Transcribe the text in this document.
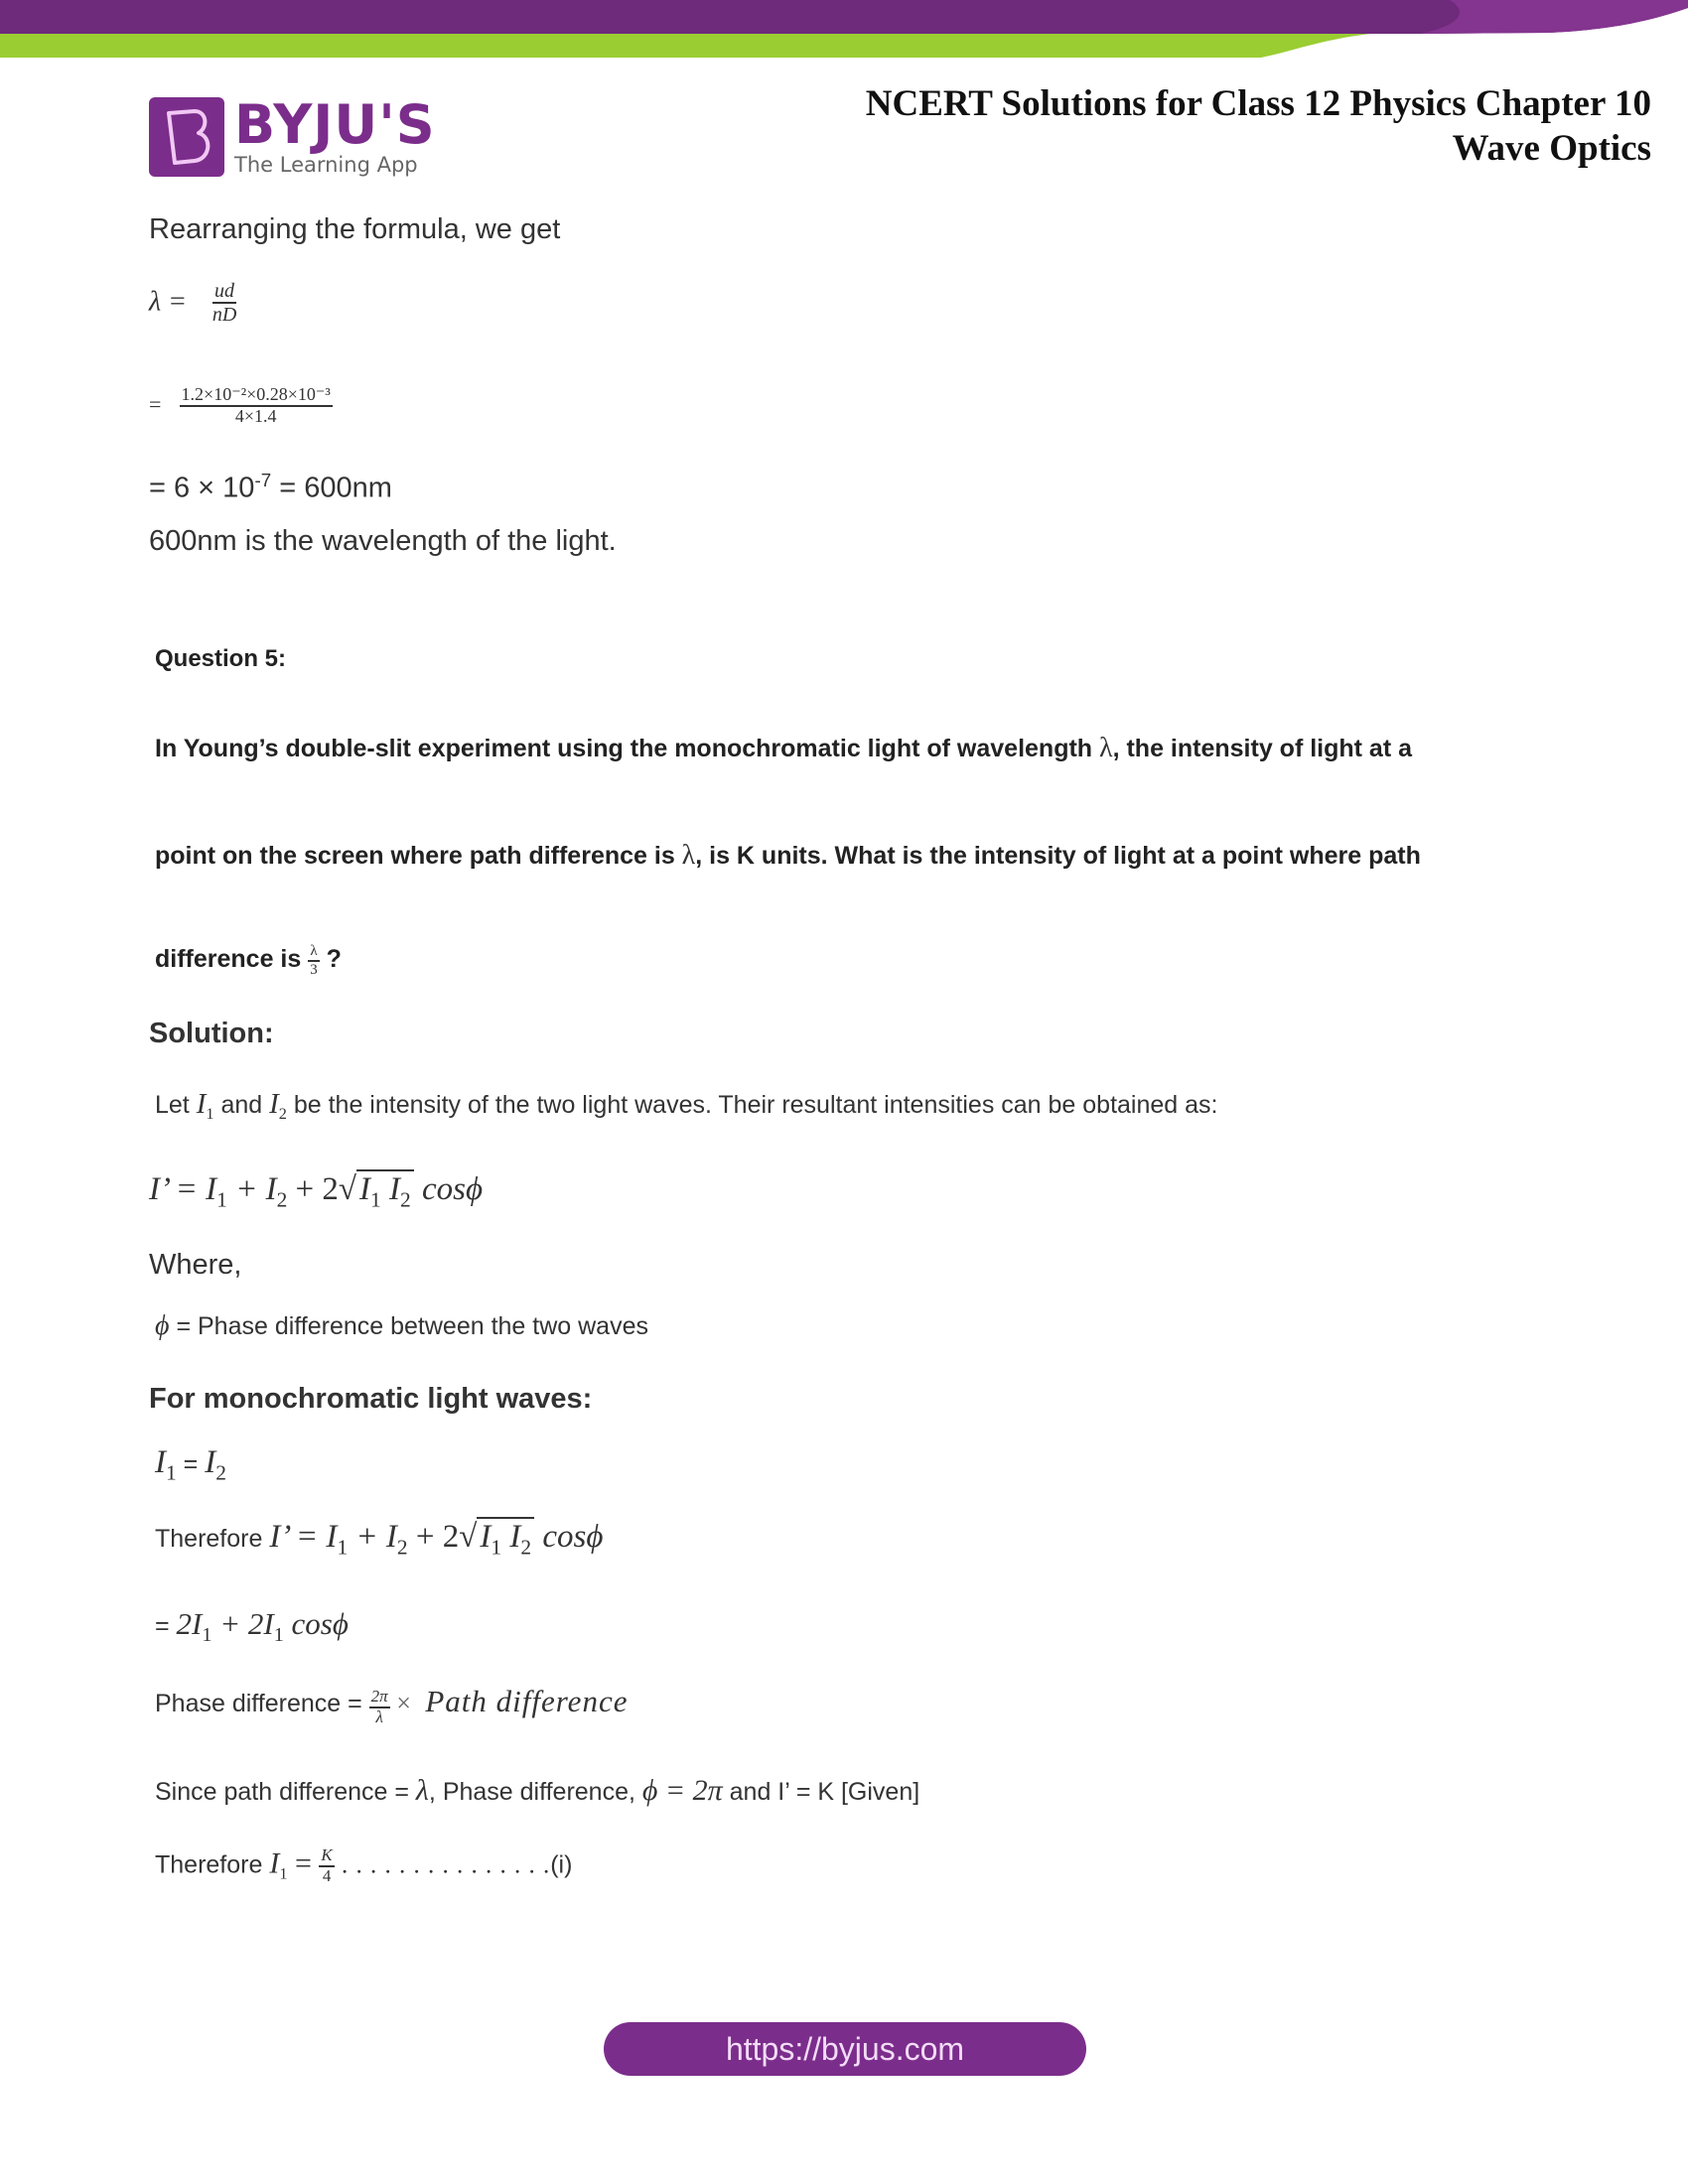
BYJU'S
The Learning App
NCERT Solutions for Class 12 Physics Chapter 10
Wave Optics
Rearranging the formula, we get
$\lambda = \frac{ud}{nD}$
= $\frac{\text{1.2×10⁻²×0.28×10⁻³}}{4\times 1.4}$
= $6 \times 10^{-7} = 600nm$
600nm is the wavelength of the light.
Question 5:
In Young’s double-slit experiment using the monochromatic light of wavelength λ, the intensity of light at a
point on the screen where path difference is λ, is K units. What is the intensity of light at a point where path
difference is $\frac{\lambda}{3}$ ?
Solution:
Let $I_1$ and $I_2$ be the intensity of the two light waves. Their resultant intensities can be obtained as:
I’ = $I_1 + I_2 + 2√I_1$ $I_2$ cosϕ
Where,
ϕ = Phase difference between the two waves
For monochromatic light waves:
$I_1 = I_2$
Therefore I’ = $I_1 + I_2 + 2√I_1$ $I_2$ cosϕ
= $2I_1 + 2I_1$ cosϕ
Phase difference = $\frac{2\pi}{\lambda}$ × Path difference
Since path difference = λ, Phase difference, ϕ = 2π and I’ = K [Given]
Therefore $I_1 = \frac{K}{4}$ . . . . . . . . . . . . . . .(i)
https://byjus.com
